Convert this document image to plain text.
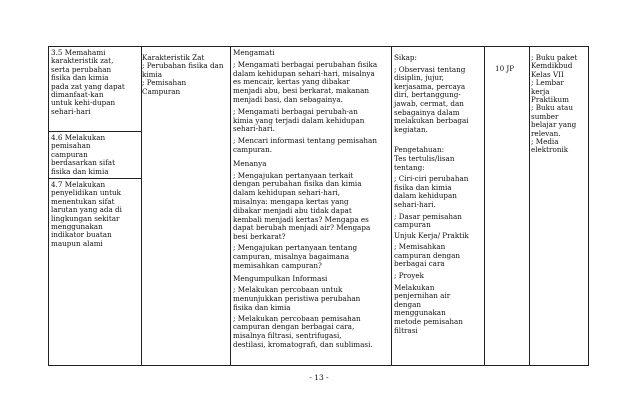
3.5 Memahami
karakteristik zat,
serta perubahan
fisika dan kimia
pada zat yang dapat
dimanfaat-kan
untuk kehi-dupan
sehari-hari
4.6 Melakukan
pemisahan
campuran
berdasarkan sifat
fisika dan kimia
4.7 Melakukan
penyelidikan untuk
menentukan sifat
larutan yang ada di
lingkungan sekitar
menggunakan
indikator buatan
maupun alami
Karakteristik Zat
; Perubahan fisika dan
kimia
; Pemisahan
Campuran
Mengamati
; Mengamati berbagai perubahan fisika
dalam kehidupan sehari-hari, misalnya
es mencair, kertas yang dibakar
menjadi abu, besi berkarat, makanan
menjadi basi, dan sebagainya.
; Mengamati berbagai perubah-an
kimia yang terjadi dalam kehidupan
sehari-hari.
; Mencari informasi tentang pemisahan
campuran.
Menanya
; Mengajukan pertanyaan terkait
dengan perubahan fisika dan kimia
dalam kehidupan sehari-hari,
misalnya: mengapa kertas yang
dibakar menjadi abu tidak dapat
kembali menjadi kertas? Mengapa es
dapat berubah menjadi air? Mengapa
besi berkarat?
; Mengajukan pertanyaan tentang
campuran, misalnya bagaimana
memisahkan campuran?
Mengumpulkan Informasi
; Melakukan percobaan untuk
menunjukkan peristiwa perubahan
fisika dan kimia
; Melakukan percobaan pemisahan
campuran dengan berbagai cara,
misalnya filtrasi, sentrifugasi,
destilasi, kromatografi, dan sublimasi.
Sikap:
; Observasi tentang
disiplin, jujur,
kerjasama, percaya
diri, bertanggung-
jawab, cermat, dan
sebagainya dalam
melakukan berbagai
kegiatan.
Pengetahuan:
Tes tertulis/lisan
tentang:
; Ciri-ciri perubahan
fisika dan kimia
dalam kehidupan
sehari-hari.
; Dasar pemisahan
campuran
Unjuk Kerja/ Praktik
; Memisahkan
campuran dengan
berbagai cara
; Proyek
Melakukan
penjernihan air
dengan
menggunakan
metode pemisahan
filtrasi
10 JP
; Buku paket
Kemdikbud
Kelas VII
; Lembar
kerja
Praktikum
; Buku atau
sumber
belajar yang
relevan.
; Media
elektronik
- 13 -
